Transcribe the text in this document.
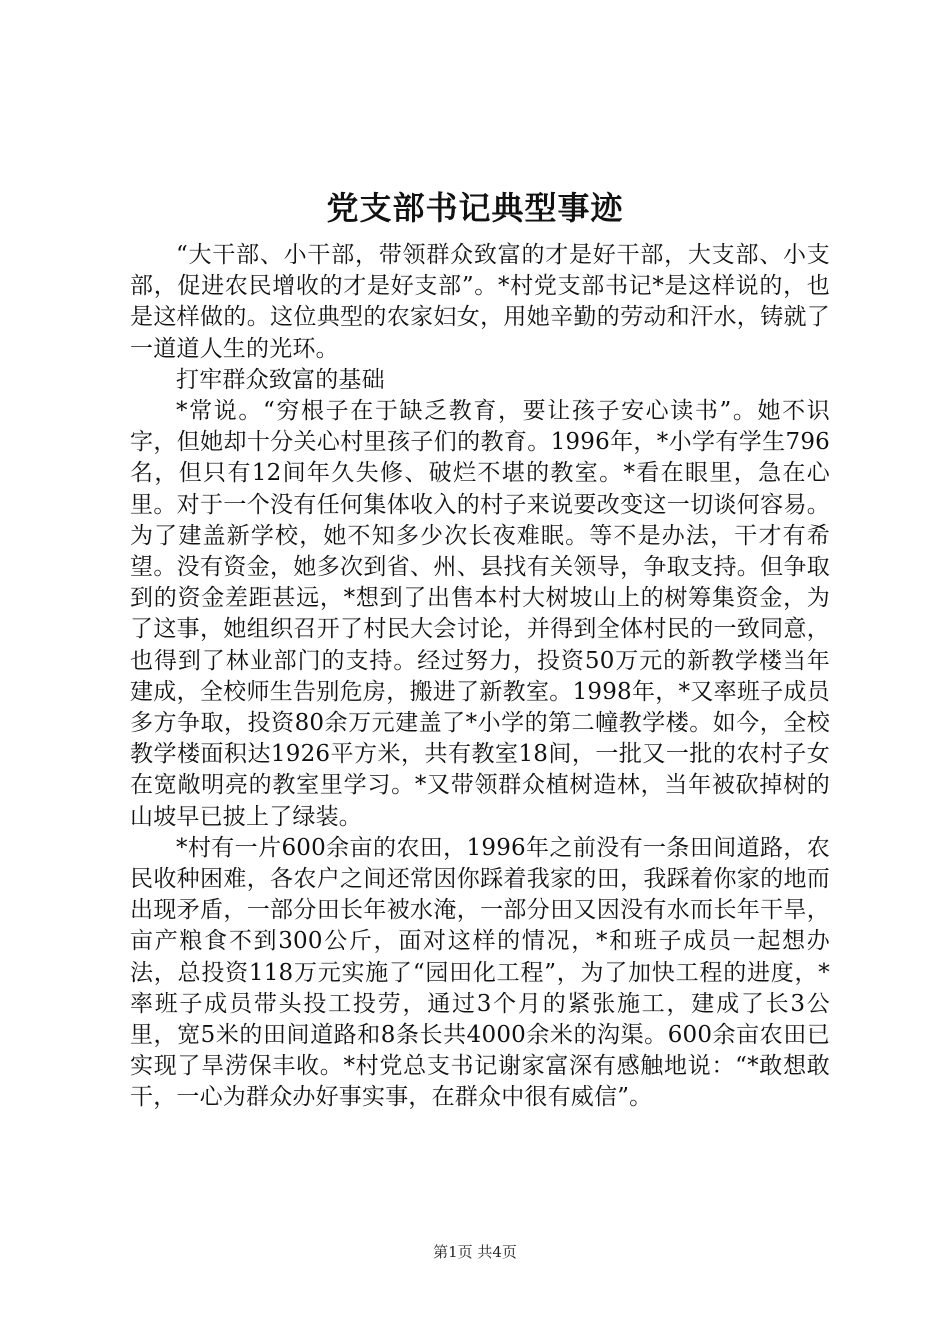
党支部书记典型事迹

“大干部、小干部，带领群众致富的才是好干部，大支部、小支部，促进农民增收的才是好支部”。*村党支部书记*是这样说的，也是这样做的。这位典型的农家妇女，用她辛勤的劳动和汗水，铸就了一道道人生的光环。

打牢群众致富的基础

*常说。“穷根子在于缺乏教育，要让孩子安心读书”。她不识字，但她却十分关心村里孩子们的教育。1996年，*小学有学生796名，但只有12间年久失修、破烂不堪的教室。*看在眼里，急在心里。对于一个没有任何集体收入的村子来说要改变这一切谈何容易。为了建盖新学校，她不知多少次长夜难眠。等不是办法，干才有希望。没有资金，她多次到省、州、县找有关领导，争取支持。但争取到的资金差距甚远，*想到了出售本村大树坡山上的树筹集资金，为了这事，她组织召开了村民大会讨论，并得到全体村民的一致同意，也得到了林业部门的支持。经过努力，投资50万元的新教学楼当年建成，全校师生告别危房，搬进了新教室。1998年，*又率班子成员多方争取，投资80余万元建盖了*小学的第二幢教学楼。如今，全校教学楼面积达1926平方米，共有教室18间，一批又一批的农村子女在宽敞明亮的教室里学习。*又带领群众植树造林，当年被砍掉树的山坡早已披上了绿装。

*村有一片600余亩的农田，1996年之前没有一条田间道路，农民收种困难，各农户之间还常因你踩着我家的田，我踩着你家的地而出现矛盾，一部分田长年被水淹，一部分田又因没有水而长年干旱，亩产粮食不到300公斤，面对这样的情况，*和班子成员一起想办法，总投资118万元实施了“园田化工程”，为了加快工程的进度，*率班子成员带头投工投劳，通过3个月的紧张施工，建成了长3公里，宽5米的田间道路和8条长共4000余米的沟渠。600余亩农田已实现了旱涝保丰收。*村党总支书记谢家富深有感触地说：“*敢想敢干，一心为群众办好事实事，在群众中很有威信”。

第1页 共4页
